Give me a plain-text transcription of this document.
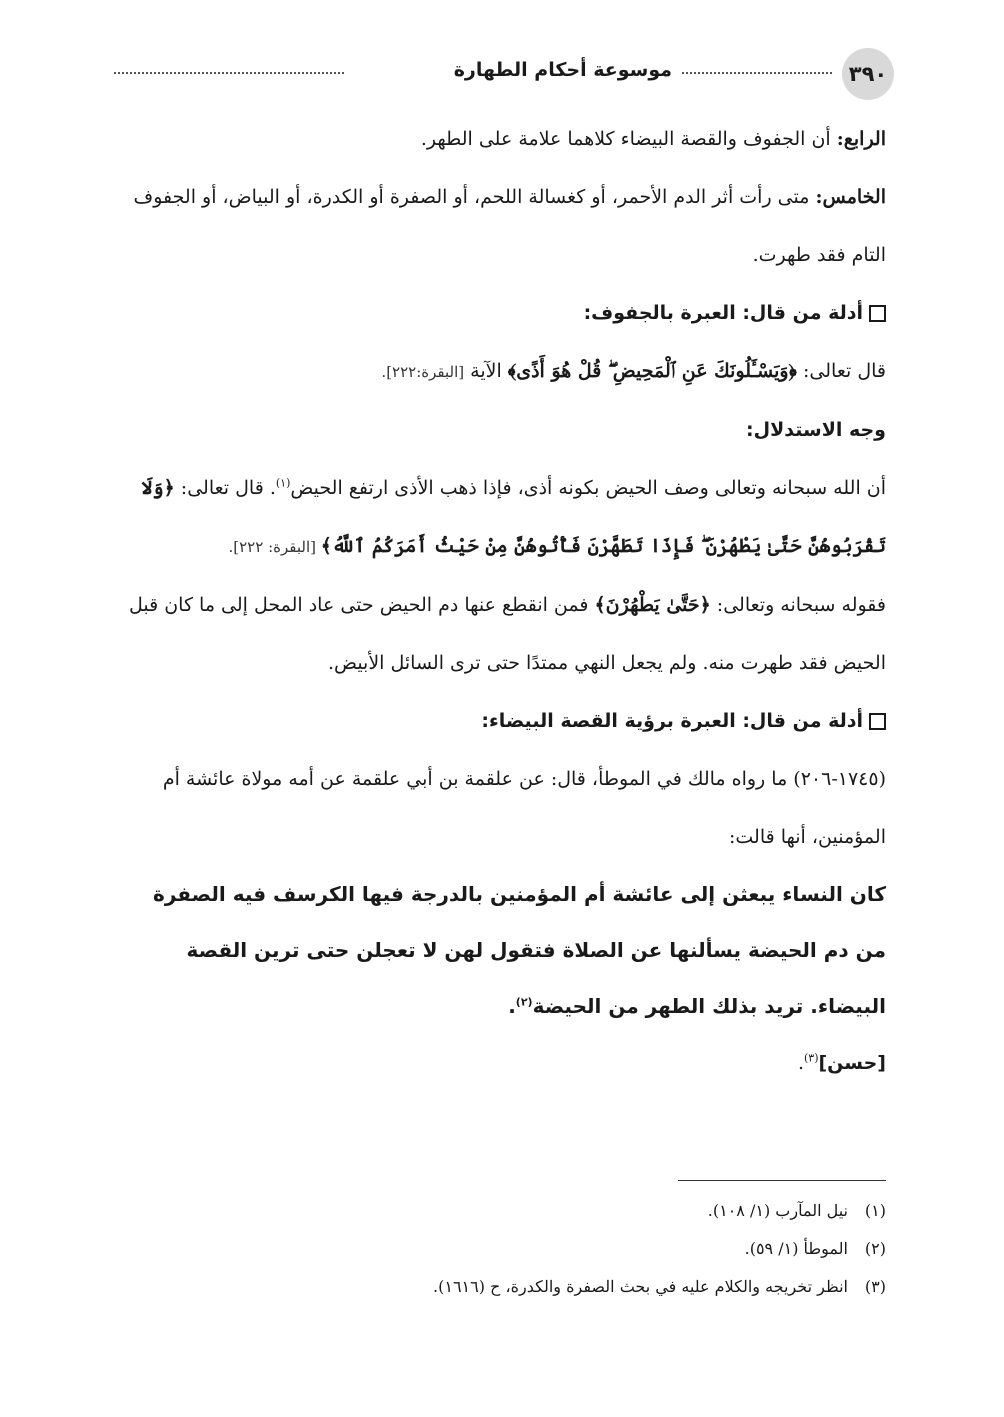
٣٩٠
موسوعة أحكام الطهارة

الرابع: أن الجفوف والقصة البيضاء كلاهما علامة على الطهر.

الخامس: متى رأت أثر الدم الأحمر، أو كغسالة اللحم، أو الصفرة أو الكدرة، أو البياض، أو الجفوف التام فقد طهرت.

أدلة من قال: العبرة بالجفوف:

قال تعالى: ﴿وَيَسْـَٔلُونَكَ عَنِ ٱلْمَحِيضِ ۖ قُلْ هُوَ أَذًى﴾ الآية [البقرة:٢٢٢].

وجه الاستدلال:

أن الله سبحانه وتعالى وصف الحيض بكونه أذى، فإذا ذهب الأذى ارتفع الحيض$^{(١)}$. قال تعالى: ﴿وَلَا تَقْرَبُوهُنَّ حَتَّىٰ يَطْهُرْنَ ۖ فَإِذَا تَطَهَّرْنَ فَأْتُوهُنَّ مِنْ حَيْثُ أَمَرَكُمُ ٱللَّهُ﴾ [البقرة: ٢٢٢].

فقوله سبحانه وتعالى: ﴿حَتَّىٰ يَطْهُرْنَ﴾ فمن انقطع عنها دم الحيض حتى عاد المحل إلى ما كان قبل الحيض فقد طهرت منه. ولم يجعل النهي ممتدًا حتى ترى السائل الأبيض.

أدلة من قال: العبرة برؤية القصة البيضاء:

(١٧٤٥-٢٠٦) ما رواه مالك في الموطأ، قال: عن علقمة بن أبي علقمة عن أمه مولاة عائشة أم المؤمنين، أنها قالت:

كان النساء يبعثن إلى عائشة أم المؤمنين بالدرجة فيها الكرسف فيه الصفرة من دم الحيضة يسألنها عن الصلاة فتقول لهن لا تعجلن حتى ترين القصة البيضاء. تريد بذلك الطهر من الحيضة$^{(٢)}$.

[حسن]$^{(٣)}$.

(١)نيل المآرب (١/ ١٠٨).

(٢)الموطأ (١/ ٥٩).

(٣)انظر تخريجه والكلام عليه في بحث الصفرة والكدرة، ح (١٦١٦).
